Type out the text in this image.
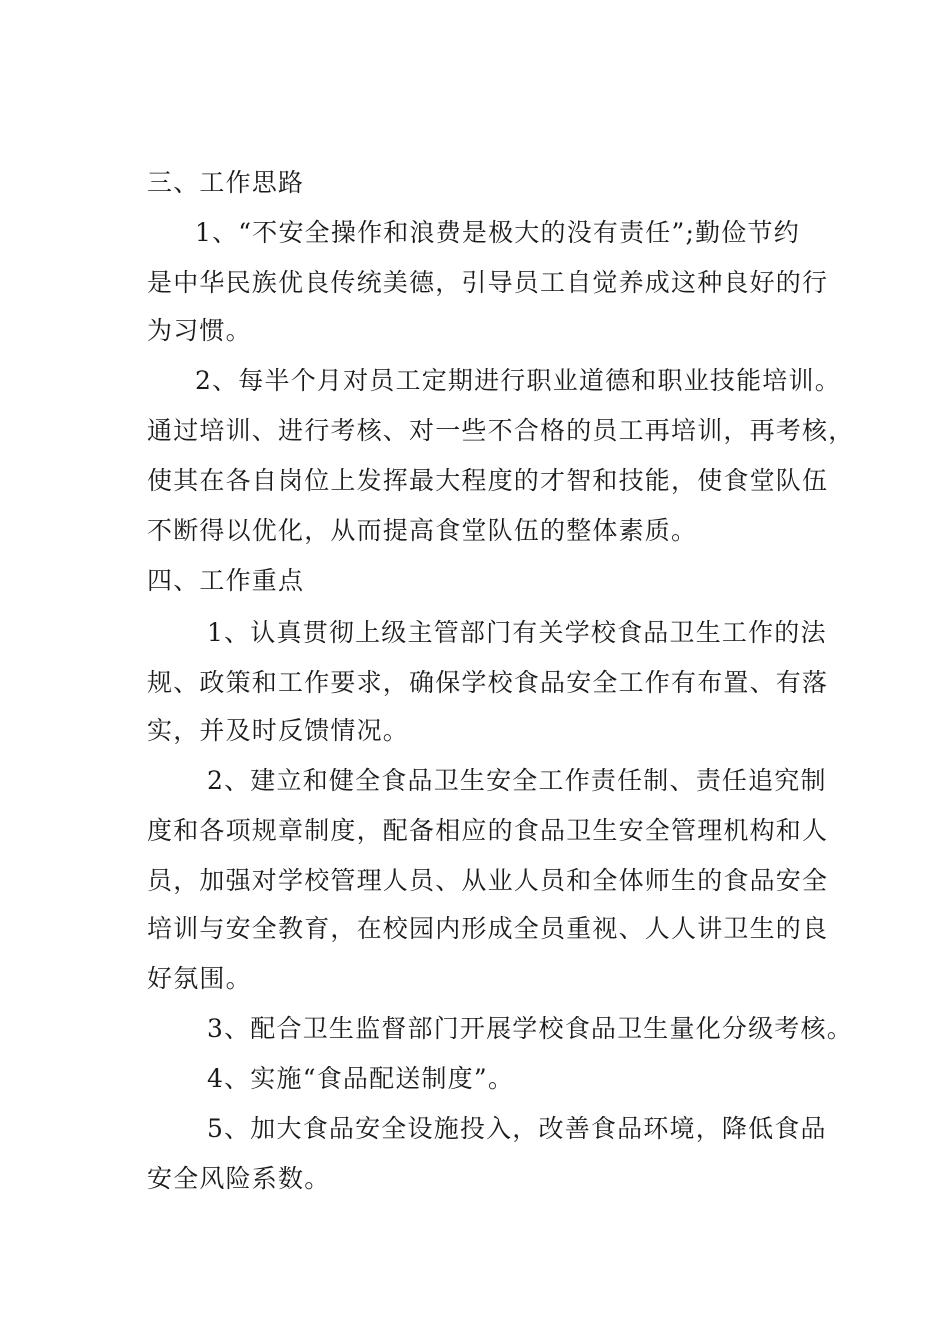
三、工作思路
1、“不安全操作和浪费是极大的没有责任”;勤俭节约
是中华民族优良传统美德，引导员工自觉养成这种良好的行
为习惯。
2、每半个月对员工定期进行职业道德和职业技能培训。
通过培训、进行考核、对一些不合格的员工再培训，再考核，
使其在各自岗位上发挥最大程度的才智和技能，使食堂队伍
不断得以优化，从而提高食堂队伍的整体素质。
四、工作重点
1、认真贯彻上级主管部门有关学校食品卫生工作的法
规、政策和工作要求，确保学校食品安全工作有布置、有落
实，并及时反馈情况。
2、建立和健全食品卫生安全工作责任制、责任追究制
度和各项规章制度，配备相应的食品卫生安全管理机构和人
员，加强对学校管理人员、从业人员和全体师生的食品安全
培训与安全教育，在校园内形成全员重视、人人讲卫生的良
好氛围。
3、配合卫生监督部门开展学校食品卫生量化分级考核。
4、实施“食品配送制度”。
5、加大食品安全设施投入，改善食品环境，降低食品
安全风险系数。
